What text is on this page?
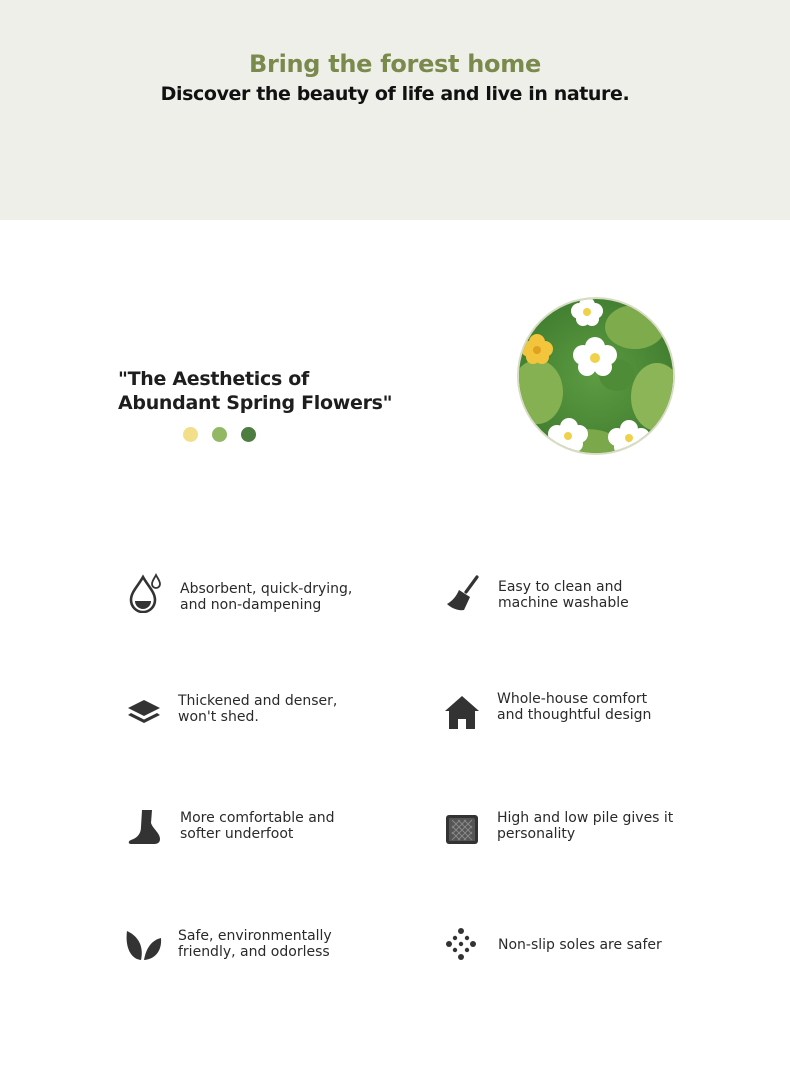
Bring the forest home
Discover the beauty of life and live in nature.
"The Aesthetics of
Abundant Spring Flowers"
Absorbent, quick-drying,
and non-dampening
Easy to clean and
machine washable
Thickened and denser,
won't shed.
Whole-house comfort
and thoughtful design
More comfortable and
softer underfoot
High and low pile gives it
personality
Safe, environmentally
friendly, and odorless	Non-slip soles are safer
